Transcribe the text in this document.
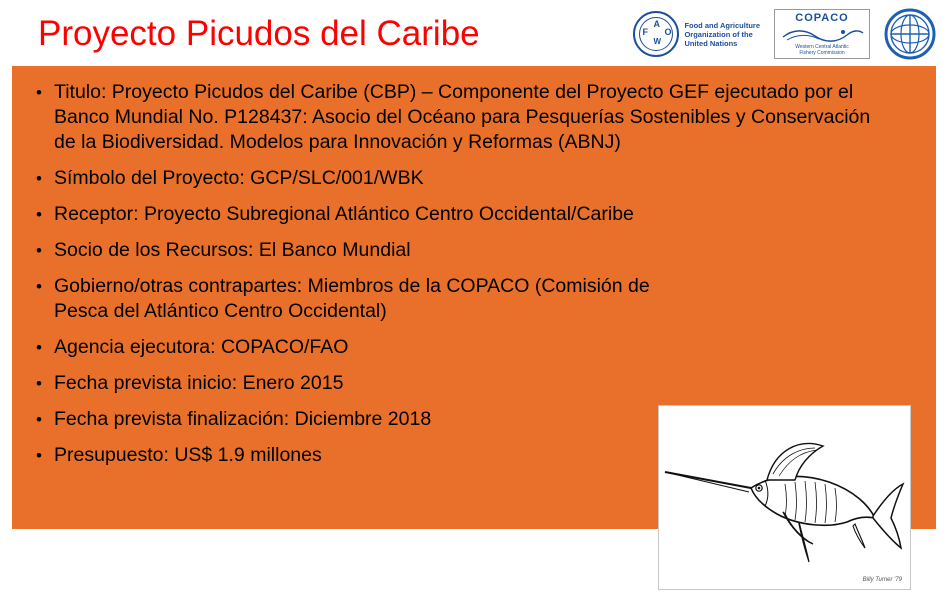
Proyecto Picudos del Caribe	F
A
O
W
Food and Agriculture
Organization of the
United Nations
COPACO
Western Central Atlantic
Fishery Commission
• Titulo: Proyecto Picudos del Caribe (CBP) – Componente del Proyecto GEF ejecutado por el Banco Mundial No. P128437: Asocio del Océano para Pesquerías Sostenibles y Conservación de la Biodiversidad. Modelos para Innovación y Reformas (ABNJ)
• Símbolo del Proyecto: GCP/SLC/001/WBK
• Receptor: Proyecto Subregional Atlántico Centro Occidental/Caribe
• Socio de los Recursos: El Banco Mundial
• Gobierno/otras contrapartes: Miembros de la COPACO (Comisión de Pesca del Atlántico Centro Occidental)
• Agencia ejecutora: COPACO/FAO
• Fecha prevista inicio: Enero 2015
• Fecha prevista finalización: Diciembre 2018
• Presupuesto: US$ 1.9 millones
Billy Turner '79
